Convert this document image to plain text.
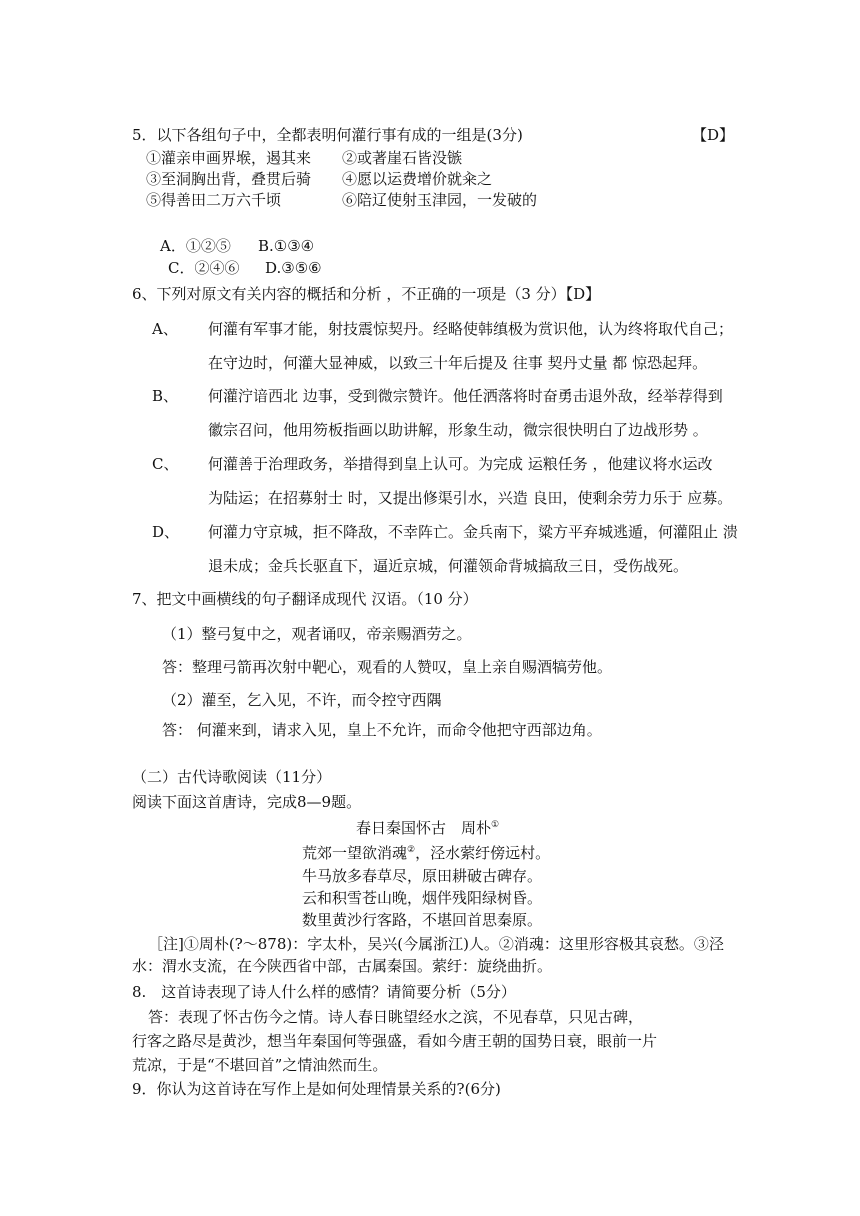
5．以下各组句子中，全都表明何灌行事有成的一组是(3分)	【D】
①灌亲申画界堠，遏其来 ②或著崖石皆没镞
③至洞胸出背，叠贯后骑 ④愿以运费增价就籴之
⑤得善田二万六千顷	⑥陪辽使射玉津园，一发破的
A．①②⑤ B.①③④
C．②④⑥ D.③⑤⑥
6、下列对原文有关内容的概括和分析 ，不正确的一项是（3 分）【D】
A、 何灌有军事才能，射技震惊契丹。经略使韩缜极为赏识他，认为终将取代自己；
在守边时，何灌大显神威，以致三十年后提及 往事 契丹丈量 都 惊恐起拜。
B、 何灌泞谙西北 边事，受到微宗赞许。他任洒落将时奋勇击退外敌，经举荐得到
徽宗召问，他用笏板指画以助讲解，形象生动，微宗很快明白了边战形势 。
C、 何灌善于治理政务，举措得到皇上认可。为完成 运粮任务 ，他建议将水运改
为陆运；在招募射士 时，又提出修渠引水，兴造 良田，使剩余劳力乐于 应募。
D、 何灌力守京城，拒不降敌，不幸阵亡。金兵南下，粱方平弃城逃遁，何灌阻止 溃
退未成；金兵长驱直下，逼近京城，何灌领命背城搞敌三日，受伤战死。
7、把文中画横线的句子翻译成现代 汉语。（10 分）
（1）整弓复中之，观者诵叹，帝亲赐酒劳之。
答：整理弓箭再次射中靶心，观看的人赞叹，皇上亲自赐酒犒劳他。
（2）灌至，乞入见，不许，而令控守西隅
答： 何灌来到，请求入见，皇上不允许，而命令他把守西部边角。
（二）古代诗歌阅读（11分）
阅读下面这首唐诗，完成8—9题。
春日秦国怀古　周朴①
荒郊一望欲消魂②，泾水萦纡傍远村。
牛马放多春草尽，原田耕破古碑存。
云和积雪苍山晚，烟伴残阳绿树昏。
数里黄沙行客路，不堪回首思秦原。
［注]①周朴(?～878)：字太朴，吴兴(今属浙江)人。②消魂：这里形容极其哀愁。③泾
水：渭水支流，在今陕西省中部，古属秦国。萦纡：旋绕曲折。
8.　这首诗表现了诗人什么样的感情？请简要分析（5分）
答：表现了怀古伤今之情。诗人春日眺望经水之滨，不见春草，只见古碑，
行客之路尽是黄沙，想当年秦国何等强盛，看如今唐王朝的国势日衰，眼前一片
荒凉，于是“不堪回首”之情油然而生。
9．你认为这首诗在写作上是如何处理情景关系的?(6分)
